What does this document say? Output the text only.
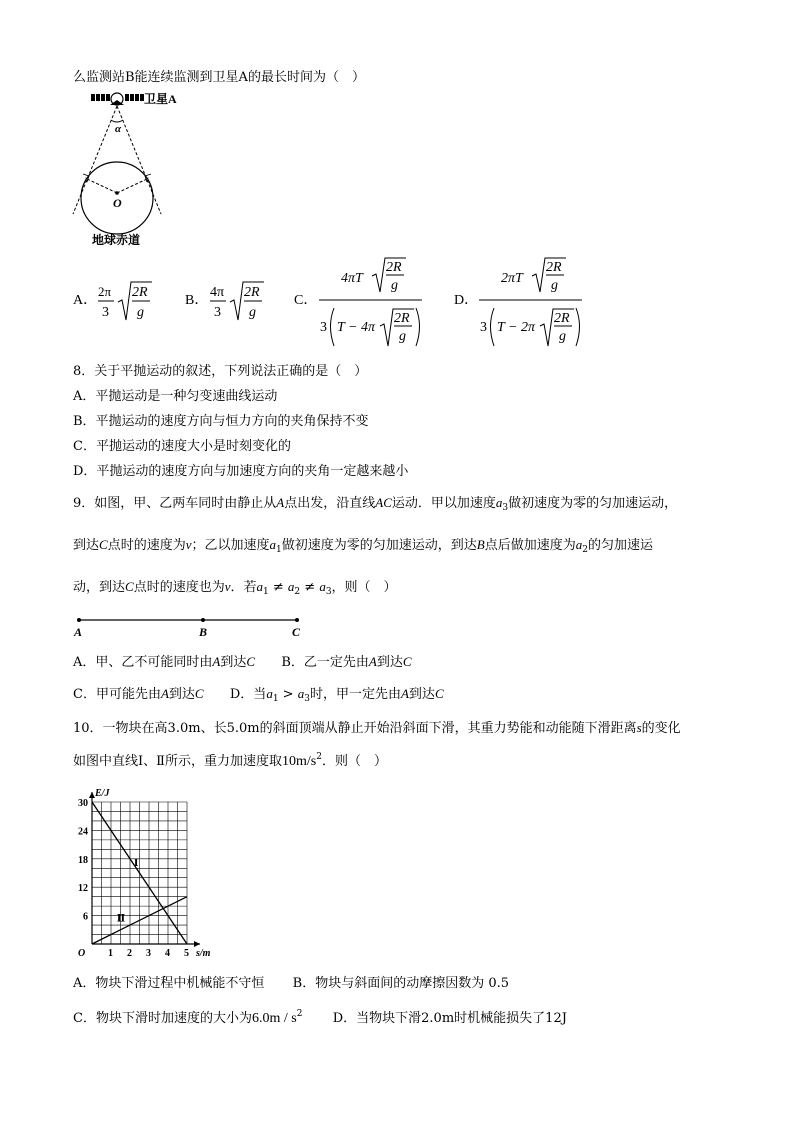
么监测站B能连续监测到卫星A的最长时间为（　）
卫星A
α
O
地球赤道
A．
2π
3
2R
g
B．
4π
3
2R
g
C．
4πT
2R
g
3 T − 4π
2R
g
D．
2πT
2R
g
3 T − 2π
2R
g
8．关于平抛运动的叙述，下列说法正确的是（　）
A．平抛运动是一种匀变速曲线运动
B．平抛运动的速度方向与恒力方向的夹角保持不变
C．平抛运动的速度大小是时刻变化的
D．平抛运动的速度方向与加速度方向的夹角一定越来越小
9．如图，甲、乙两车同时由静止从A点出发，沿直线AC运动．甲以加速度$a_3$做初速度为零的匀加速运动，
到达C点时的速度为v；乙以加速度$a_1$做初速度为零的匀加速运动，到达B点后做加速度为$a_2$的匀加速运
动，到达C点时的速度也为v．若$a_1 \ne a_2 \ne a_3$，则（　）
A	B	C
A．甲、乙不可能同时由A到达C B．乙一定先由A到达C
C．甲可能先由A到达C D．当$a_1 > a_3$时，甲一定先由A到达C
10．一物块在高3.0m、长5.0m的斜面顶端从静止开始沿斜面下滑，其重力势能和动能随下滑距离s的变化
如图中直线Ⅰ、Ⅱ所示，重力加速度取$10m/s^2$．则（　）
E/J
s/m
O 1 2 3 4 5
6
12
18
24
30
Ⅰ
Ⅱ
A．物块下滑过程中机械能不守恒 B．物块与斜面间的动摩擦因数为 0.5
C．物块下滑时加速度的大小为$6.0m / s^2$ D．当物块下滑2.0m时机械能损失了12J
